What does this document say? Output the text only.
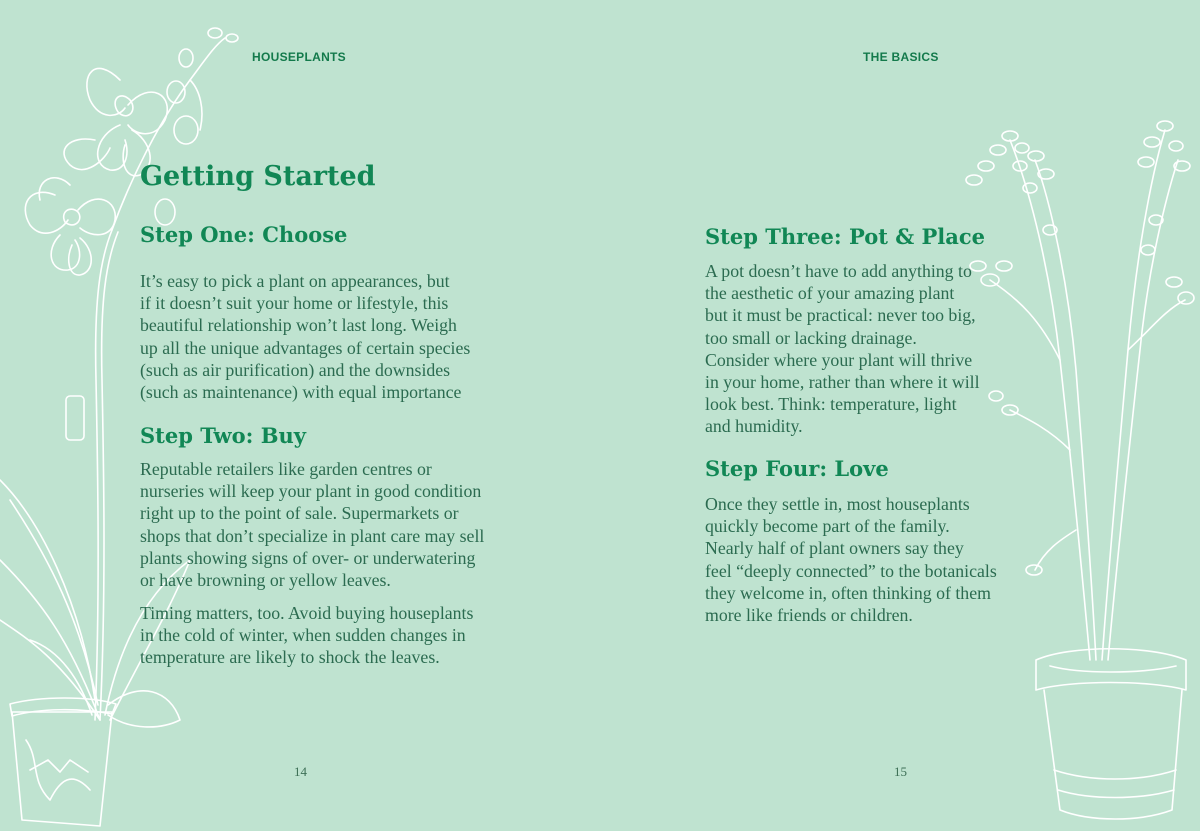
HOUSEPLANTS
Getting Started
Step One: Choose
It’s easy to pick a plant on appearances, but
if it doesn’t suit your home or lifestyle, this
beautiful relationship won’t last long. Weigh
up all the unique advantages of certain species
(such as air purification) and the downsides
(such as maintenance) with equal importance
Step Two: Buy
Reputable retailers like garden centres or
nurseries will keep your plant in good condition
right up to the point of sale. Supermarkets or
shops that don’t specialize in plant care may sell
plants showing signs of over- or underwatering
or have browning or yellow leaves.
Timing matters, too. Avoid buying houseplants
in the cold of winter, when sudden changes in
temperature are likely to shock the leaves.
14
THE BASICS
Step Three: Pot & Place
A pot doesn’t have to add anything to
the aesthetic of your amazing plant
but it must be practical: never too big,
too small or lacking drainage.
Consider where your plant will thrive
in your home, rather than where it will
look best. Think: temperature, light
and humidity.
Step Four: Love
Once they settle in, most houseplants
quickly become part of the family.
Nearly half of plant owners say they
feel “deeply connected” to the botanicals
they welcome in, often thinking of them
more like friends or children.
15
